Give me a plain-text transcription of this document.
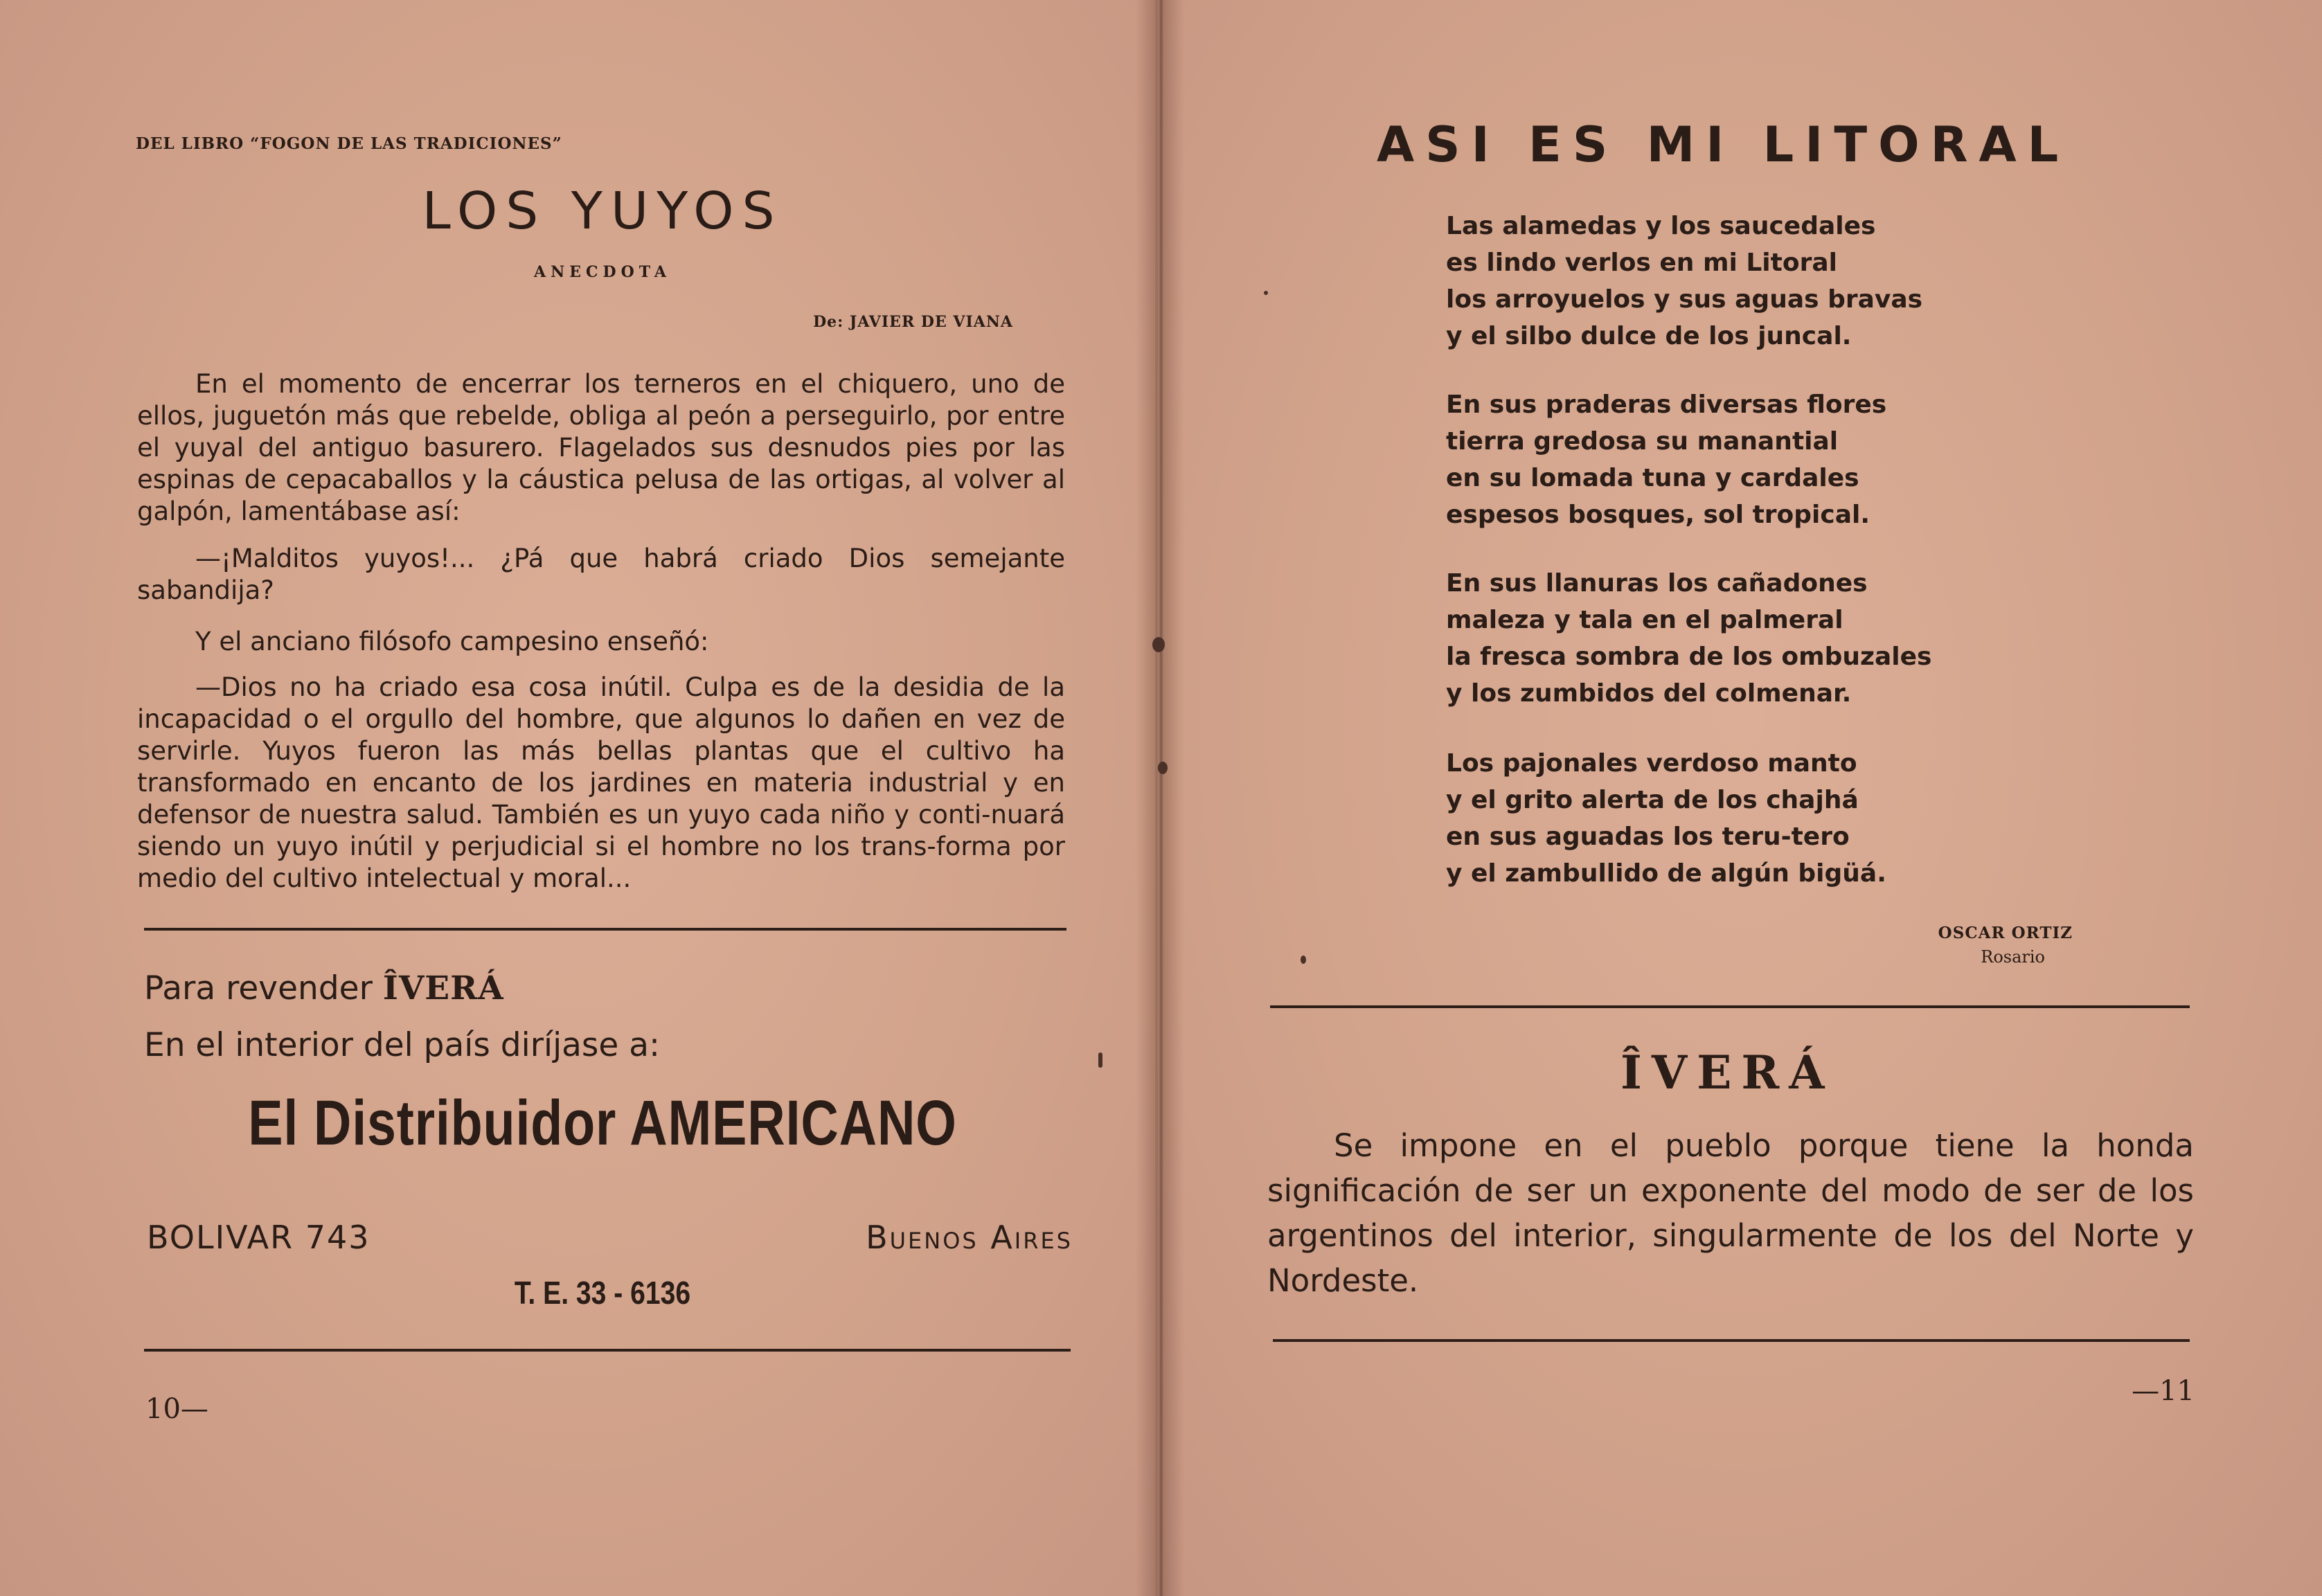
DEL LIBRO “FOGON DE LAS TRADICIONES”
LOS YUYOS
ANECDOTA
De: JAVIER DE VIANA

En el momento de encerrar los terneros en el chiquero, uno de ellos, juguetón más que rebelde, obliga al peón a perseguirlo, por entre el yuyal del antiguo basurero. Flagelados sus desnudos pies por las espinas de cepacaballos y la cáustica pelusa de las ortigas, al volver al galpón, lamentábase así:

—¡Malditos yuyos!... ¿Pá que habrá criado Dios semejante sabandija?

Y el anciano filósofo campesino enseñó:

—Dios no ha criado esa cosa inútil. Culpa es de la desidia de la incapacidad o el orgullo del hombre, que algunos lo dañen en vez de servirle. Yuyos fueron las más bellas plantas que el cultivo ha transformado en encanto de los jardines en materia industrial y en defensor de nuestra salud. También es un yuyo cada niño y conti-nuará siendo un yuyo inútil y perjudicial si el hombre no los trans-forma por medio del cultivo intelectual y moral...

Para revender ÎVERÁ
En el interior del país diríjase a:
El Distribuidor AMERICANO
BOLIVAR 743	Buenos Aires
T. E. 33 - 6136
10—
ASI ES MI LITORAL
Las alamedas y los saucedales
es lindo verlos en mi Litoral
los arroyuelos y sus aguas bravas
y el silbo dulce de los juncal.
En sus praderas diversas flores
tierra gredosa su manantial
en su lomada tuna y cardales
espesos bosques, sol tropical.
En sus llanuras los cañadones
maleza y tala en el palmeral
la fresca sombra de los ombuzales
y los zumbidos del colmenar.
Los pajonales verdoso manto
y el grito alerta de los chajhá
en sus aguadas los teru-tero
y el zambullido de algún bigüá.
OSCAR ORTIZ
Rosario
ÎVERÁ

Se impone en el pueblo porque tiene la honda significación de ser un exponente del modo de ser de los argentinos del interior, singularmente de los del Norte y Nordeste.

—11
